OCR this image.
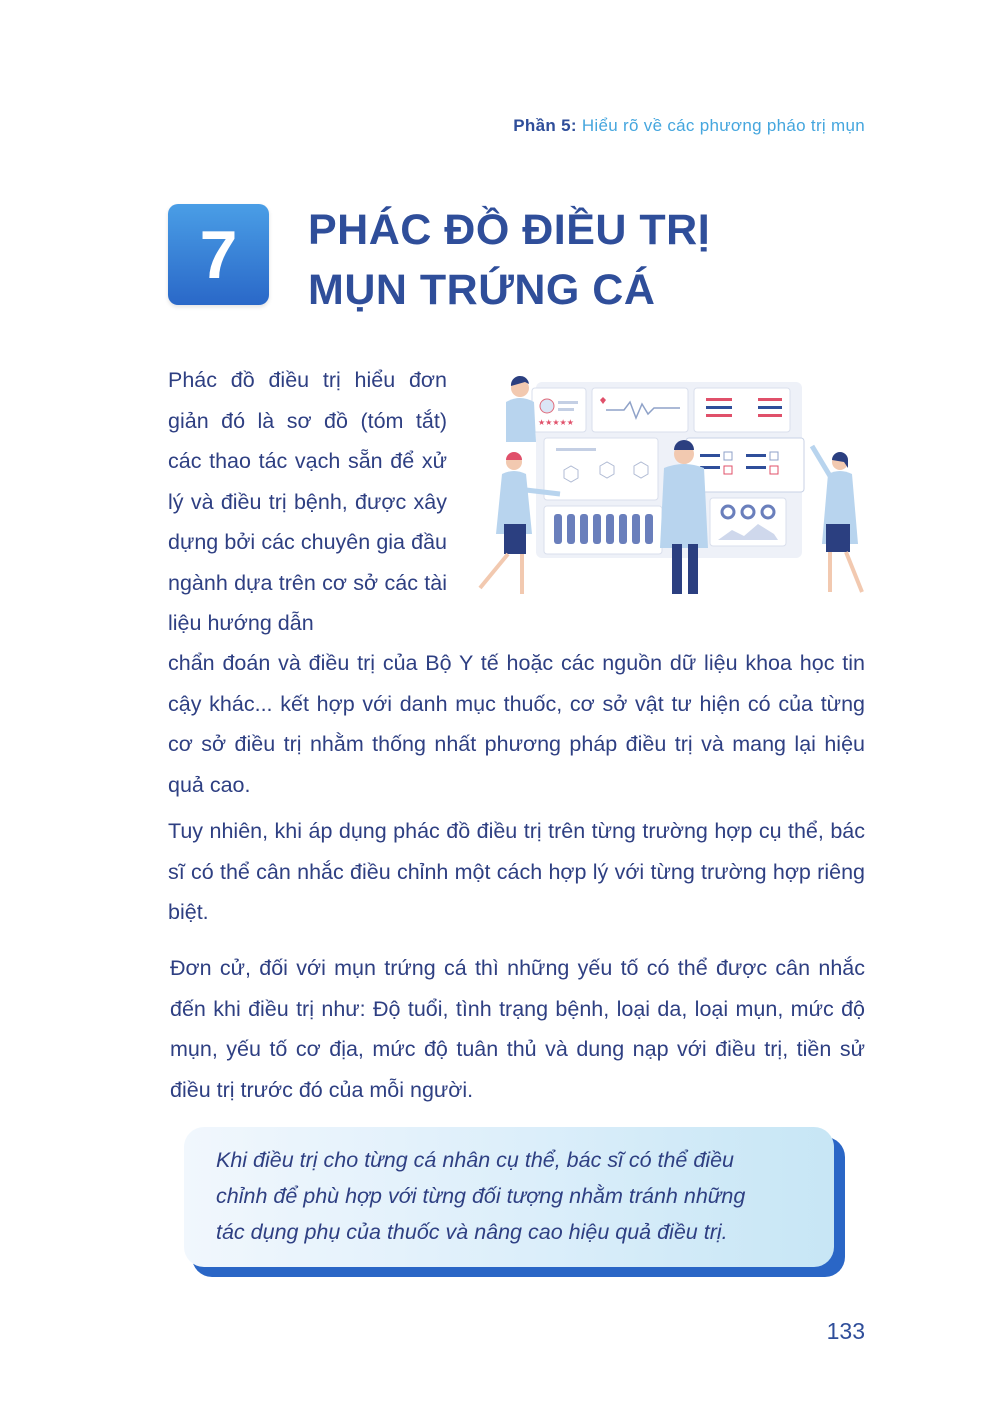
Phần 5: Hiểu rõ về các phương pháo trị mụn
7	PHÁC ĐỒ ĐIỀU TRỊ
MỤN TRỨNG CÁ

Phác đồ điều trị hiểu đơn giản đó là sơ đồ (tóm tắt) các thao tác vạch sẵn để xử lý và điều trị bệnh, được xây dựng bởi các chuyên gia đầu ngành dựa trên cơ sở các tài liệu hướng dẫn

★★★★★

chẩn đoán và điều trị của Bộ Y tế hoặc các nguồn dữ liệu khoa học tin cậy khác... kết hợp với danh mục thuốc, cơ sở vật tư hiện có của từng cơ sở điều trị nhằm thống nhất phương pháp điều trị và mang lại hiệu quả cao.

Tuy nhiên, khi áp dụng phác đồ điều trị trên từng trường hợp cụ thể, bác sĩ có thể cân nhắc điều chỉnh một cách hợp lý với từng trường hợp riêng biệt.

Đơn cử, đối với mụn trứng cá thì những yếu tố có thể được cân nhắc đến khi điều trị như: Độ tuổi, tình trạng bệnh, loại da, loại mụn, mức độ mụn, yếu tố cơ địa, mức độ tuân thủ và dung nạp với điều trị, tiền sử điều trị trước đó của mỗi người.

Khi điều trị cho từng cá nhân cụ thể, bác sĩ có thể điều
chỉnh để phù hợp với từng đối tượng nhằm tránh những
tác dụng phụ của thuốc và nâng cao hiệu quả điều trị.
133
